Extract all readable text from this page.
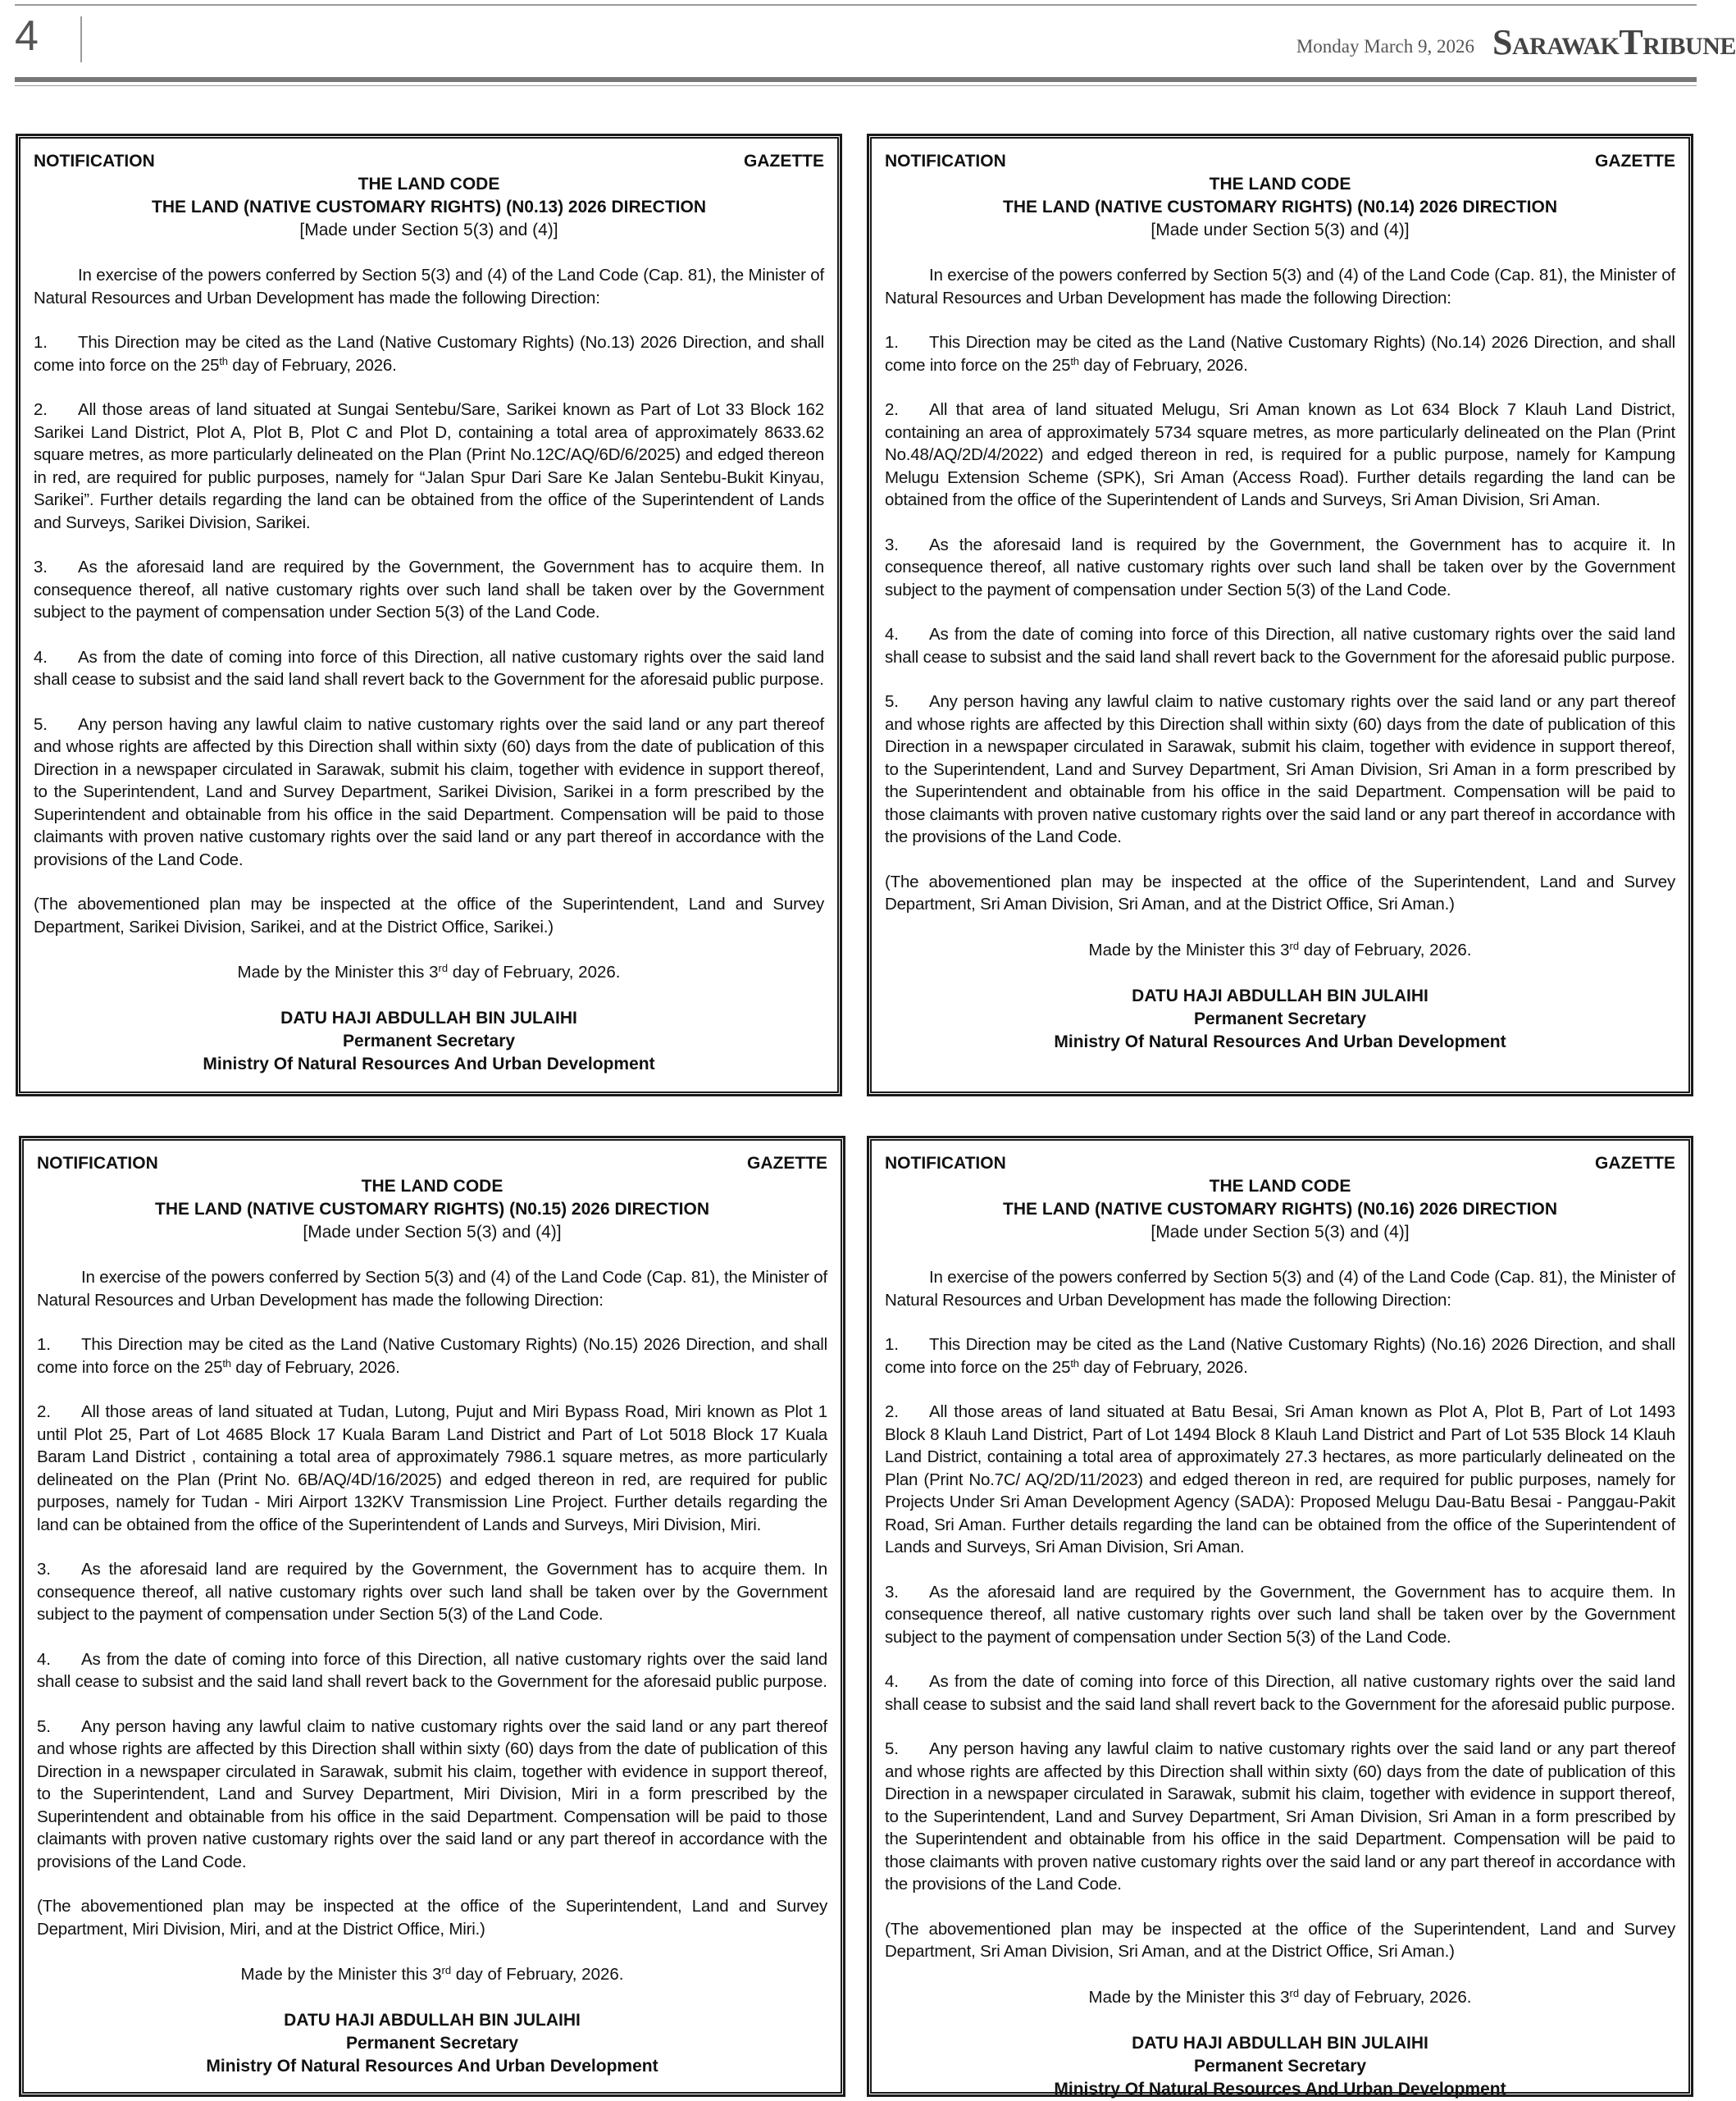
4	Monday March 9, 2026 SARAWAKTRIBUNE
NOTIFICATION	GAZETTE
THE LAND CODE
THE LAND (NATIVE CUSTOMARY RIGHTS) (N0.13) 2026 DIRECTION
[Made under Section 5(3) and (4)]
In exercise of the powers conferred by Section 5(3) and (4) of the Land Code (Cap. 81), the Minister of Natural Resources and Urban Development has made the following Direction:
1. This Direction may be cited as the Land (Native Customary Rights) (No.13) 2026 Direction, and shall come into force on the 25th day of February, 2026.
2. All those areas of land situated at Sungai Sentebu/Sare, Sarikei known as Part of Lot 33 Block 162 Sarikei Land District, Plot A, Plot B, Plot C and Plot D, containing a total area of approximately 8633.62 square metres, as more particularly delineated on the Plan (Print No.12C/AQ/6D/6/2025) and edged thereon in red, are required for public purposes, namely for “Jalan Spur Dari Sare Ke Jalan Sentebu-Bukit Kinyau, Sarikei”. Further details regarding the land can be obtained from the office of the Superintendent of Lands and Surveys, Sarikei Division, Sarikei.
3. As the aforesaid land are required by the Government, the Government has to acquire them. In consequence thereof, all native customary rights over such land shall be taken over by the Government subject to the payment of compensation under Section 5(3) of the Land Code.
4. As from the date of coming into force of this Direction, all native customary rights over the said land shall cease to subsist and the said land shall revert back to the Government for the aforesaid public purpose.
5. Any person having any lawful claim to native customary rights over the said land or any part thereof and whose rights are affected by this Direction shall within sixty (60) days from the date of publication of this Direction in a newspaper circulated in Sarawak, submit his claim, together with evidence in support thereof, to the Superintendent, Land and Survey Department, Sarikei Division, Sarikei in a form prescribed by the Superintendent and obtainable from his office in the said Department. Compensation will be paid to those claimants with proven native customary rights over the said land or any part thereof in accordance with the provisions of the Land Code.
(The abovementioned plan may be inspected at the office of the Superintendent, Land and Survey Department, Sarikei Division, Sarikei, and at the District Office, Sarikei.)
Made by the Minister this 3rd day of February, 2026.
DATU HAJI ABDULLAH BIN JULAIHI
Permanent Secretary
Ministry Of Natural Resources And Urban Development
NOTIFICATION	GAZETTE
THE LAND CODE
THE LAND (NATIVE CUSTOMARY RIGHTS) (N0.14) 2026 DIRECTION
[Made under Section 5(3) and (4)]
In exercise of the powers conferred by Section 5(3) and (4) of the Land Code (Cap. 81), the Minister of Natural Resources and Urban Development has made the following Direction:
1. This Direction may be cited as the Land (Native Customary Rights) (No.14) 2026 Direction, and shall come into force on the 25th day of February, 2026.
2. All that area of land situated Melugu, Sri Aman known as Lot 634 Block 7 Klauh Land District, containing an area of approximately 5734 square metres, as more particularly delineated on the Plan (Print No.48/AQ/2D/4/2022) and edged thereon in red, is required for a public purpose, namely for Kampung Melugu Extension Scheme (SPK), Sri Aman (Access Road). Further details regarding the land can be obtained from the office of the Superintendent of Lands and Surveys, Sri Aman Division, Sri Aman.
3. As the aforesaid land is required by the Government, the Government has to acquire it. In consequence thereof, all native customary rights over such land shall be taken over by the Government subject to the payment of compensation under Section 5(3) of the Land Code.
4. As from the date of coming into force of this Direction, all native customary rights over the said land shall cease to subsist and the said land shall revert back to the Government for the aforesaid public purpose.
5. Any person having any lawful claim to native customary rights over the said land or any part thereof and whose rights are affected by this Direction shall within sixty (60) days from the date of publication of this Direction in a newspaper circulated in Sarawak, submit his claim, together with evidence in support thereof, to the Superintendent, Land and Survey Department, Sri Aman Division, Sri Aman in a form prescribed by the Superintendent and obtainable from his office in the said Department. Compensation will be paid to those claimants with proven native customary rights over the said land or any part thereof in accordance with the provisions of the Land Code.
(The abovementioned plan may be inspected at the office of the Superintendent, Land and Survey Department, Sri Aman Division, Sri Aman, and at the District Office, Sri Aman.)
Made by the Minister this 3rd day of February, 2026.
DATU HAJI ABDULLAH BIN JULAIHI
Permanent Secretary
Ministry Of Natural Resources And Urban Development
NOTIFICATION	GAZETTE
THE LAND CODE
THE LAND (NATIVE CUSTOMARY RIGHTS) (N0.15) 2026 DIRECTION
[Made under Section 5(3) and (4)]
In exercise of the powers conferred by Section 5(3) and (4) of the Land Code (Cap. 81), the Minister of Natural Resources and Urban Development has made the following Direction:
1. This Direction may be cited as the Land (Native Customary Rights) (No.15) 2026 Direction, and shall come into force on the 25th day of February, 2026.
2. All those areas of land situated at Tudan, Lutong, Pujut and Miri Bypass Road, Miri known as Plot 1 until Plot 25, Part of Lot 4685 Block 17 Kuala Baram Land District and Part of Lot 5018 Block 17 Kuala Baram Land District , containing a total area of approximately 7986.1 square metres, as more particularly delineated on the Plan (Print No. 6B/AQ/4D/16/2025) and edged thereon in red, are required for public purposes, namely for Tudan - Miri Airport 132KV Transmission Line Project. Further details regarding the land can be obtained from the office of the Superintendent of Lands and Surveys, Miri Division, Miri.
3. As the aforesaid land are required by the Government, the Government has to acquire them. In consequence thereof, all native customary rights over such land shall be taken over by the Government subject to the payment of compensation under Section 5(3) of the Land Code.
4. As from the date of coming into force of this Direction, all native customary rights over the said land shall cease to subsist and the said land shall revert back to the Government for the aforesaid public purpose.
5. Any person having any lawful claim to native customary rights over the said land or any part thereof and whose rights are affected by this Direction shall within sixty (60) days from the date of publication of this Direction in a newspaper circulated in Sarawak, submit his claim, together with evidence in support thereof, to the Superintendent, Land and Survey Department, Miri Division, Miri in a form prescribed by the Superintendent and obtainable from his office in the said Department. Compensation will be paid to those claimants with proven native customary rights over the said land or any part thereof in accordance with the provisions of the Land Code.
(The abovementioned plan may be inspected at the office of the Superintendent, Land and Survey Department, Miri Division, Miri, and at the District Office, Miri.)
Made by the Minister this 3rd day of February, 2026.
DATU HAJI ABDULLAH BIN JULAIHI
Permanent Secretary
Ministry Of Natural Resources And Urban Development
NOTIFICATION	GAZETTE
THE LAND CODE
THE LAND (NATIVE CUSTOMARY RIGHTS) (N0.16) 2026 DIRECTION
[Made under Section 5(3) and (4)]
In exercise of the powers conferred by Section 5(3) and (4) of the Land Code (Cap. 81), the Minister of Natural Resources and Urban Development has made the following Direction:
1. This Direction may be cited as the Land (Native Customary Rights) (No.16) 2026 Direction, and shall come into force on the 25th day of February, 2026.
2. All those areas of land situated at Batu Besai, Sri Aman known as Plot A, Plot B, Part of Lot 1493 Block 8 Klauh Land District, Part of Lot 1494 Block 8 Klauh Land District and Part of Lot 535 Block 14 Klauh Land District, containing a total area of approximately 27.3 hectares, as more particularly delineated on the Plan (Print No.7C/ AQ/2D/11/2023) and edged thereon in red, are required for public purposes, namely for Projects Under Sri Aman Development Agency (SADA): Proposed Melugu Dau-Batu Besai - Panggau-Pakit Road, Sri Aman. Further details regarding the land can be obtained from the office of the Superintendent of Lands and Surveys, Sri Aman Division, Sri Aman.
3. As the aforesaid land are required by the Government, the Government has to acquire them. In consequence thereof, all native customary rights over such land shall be taken over by the Government subject to the payment of compensation under Section 5(3) of the Land Code.
4. As from the date of coming into force of this Direction, all native customary rights over the said land shall cease to subsist and the said land shall revert back to the Government for the aforesaid public purpose.
5. Any person having any lawful claim to native customary rights over the said land or any part thereof and whose rights are affected by this Direction shall within sixty (60) days from the date of publication of this Direction in a newspaper circulated in Sarawak, submit his claim, together with evidence in support thereof, to the Superintendent, Land and Survey Department, Sri Aman Division, Sri Aman in a form prescribed by the Superintendent and obtainable from his office in the said Department. Compensation will be paid to those claimants with proven native customary rights over the said land or any part thereof in accordance with the provisions of the Land Code.
(The abovementioned plan may be inspected at the office of the Superintendent, Land and Survey Department, Sri Aman Division, Sri Aman, and at the District Office, Sri Aman.)
Made by the Minister this 3rd day of February, 2026.
DATU HAJI ABDULLAH BIN JULAIHI
Permanent Secretary
Ministry Of Natural Resources And Urban Development
